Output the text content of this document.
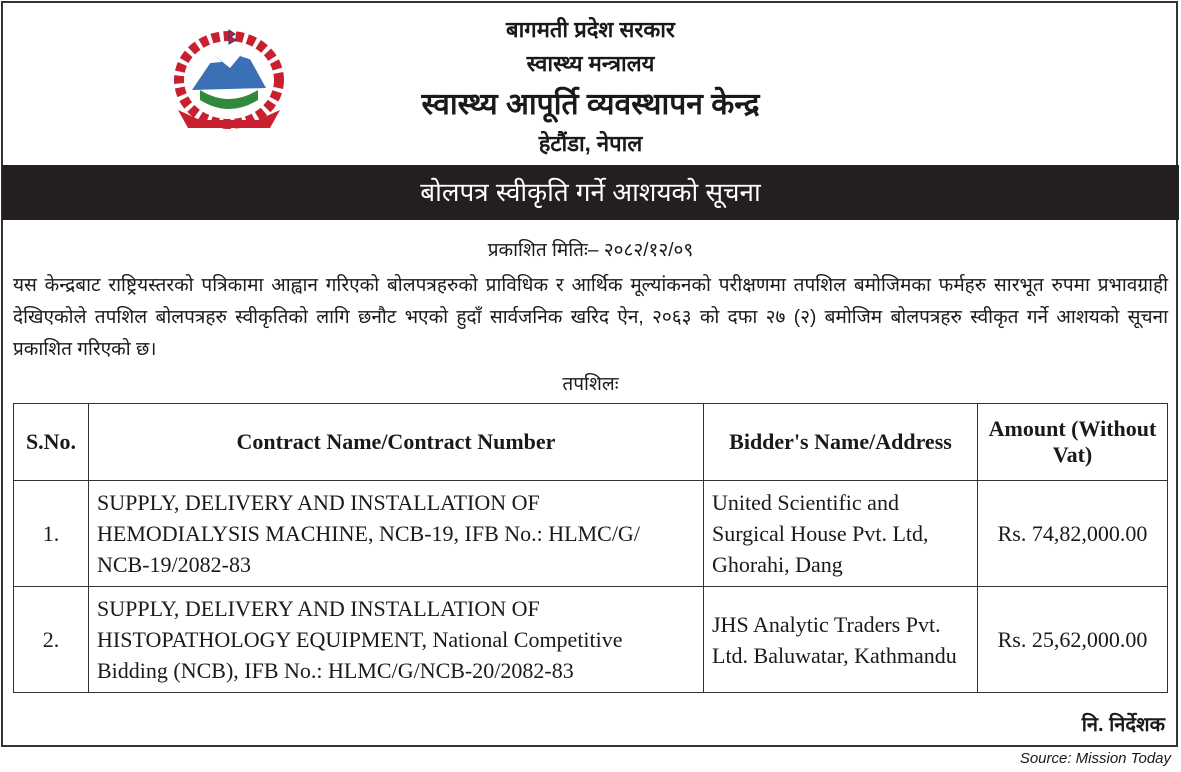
बागमती प्रदेश सरकार
स्वास्थ्य मन्त्रालय
स्वास्थ्य आपूर्ति व्यवस्थापन केन्द्र
हेटौंडा, नेपाल
बोलपत्र स्वीकृति गर्ने आशयको सूचना
प्रकाशित मितिः– २०८२/१२/०९
यस केन्द्रबाट राष्ट्रियस्तरको पत्रिकामा आह्वान गरिएको बोलपत्रहरुको प्राविधिक र आर्थिक मूल्यांकनको परीक्षणमा तपशिल बमोजिमका फर्महरु सारभूत रुपमा प्रभावग्राही देखिएकोले तपशिल बोलपत्रहरु स्वीकृतिको लागि छनौट भएको हुदाँ सार्वजनिक खरिद ऐन, २०६३ को दफा २७ (२) बमोजिम बोलपत्रहरु स्वीकृत गर्ने आशयको सूचना प्रकाशित गरिएको छ।
तपशिलः
S.No.	Contract Name/Contract Number	Bidder's Name/Address	Amount (Without Vat)
1.	SUPPLY, DELIVERY AND INSTALLATION OF HEMODIALYSIS MACHINE, NCB-19, IFB No.: HLMC/G/ NCB-19/2082-83	United Scientific and Surgical House Pvt. Ltd, Ghorahi, Dang	Rs. 74,82,000.00
2.	SUPPLY, DELIVERY AND INSTALLATION OF HISTOPATHOLOGY EQUIPMENT, National Competitive Bidding (NCB), IFB No.: HLMC/G/NCB-20/2082-83	JHS Analytic Traders Pvt. Ltd. Baluwatar, Kathmandu	Rs. 25,62,000.00
नि. निर्देशक
Source: Mission Today
